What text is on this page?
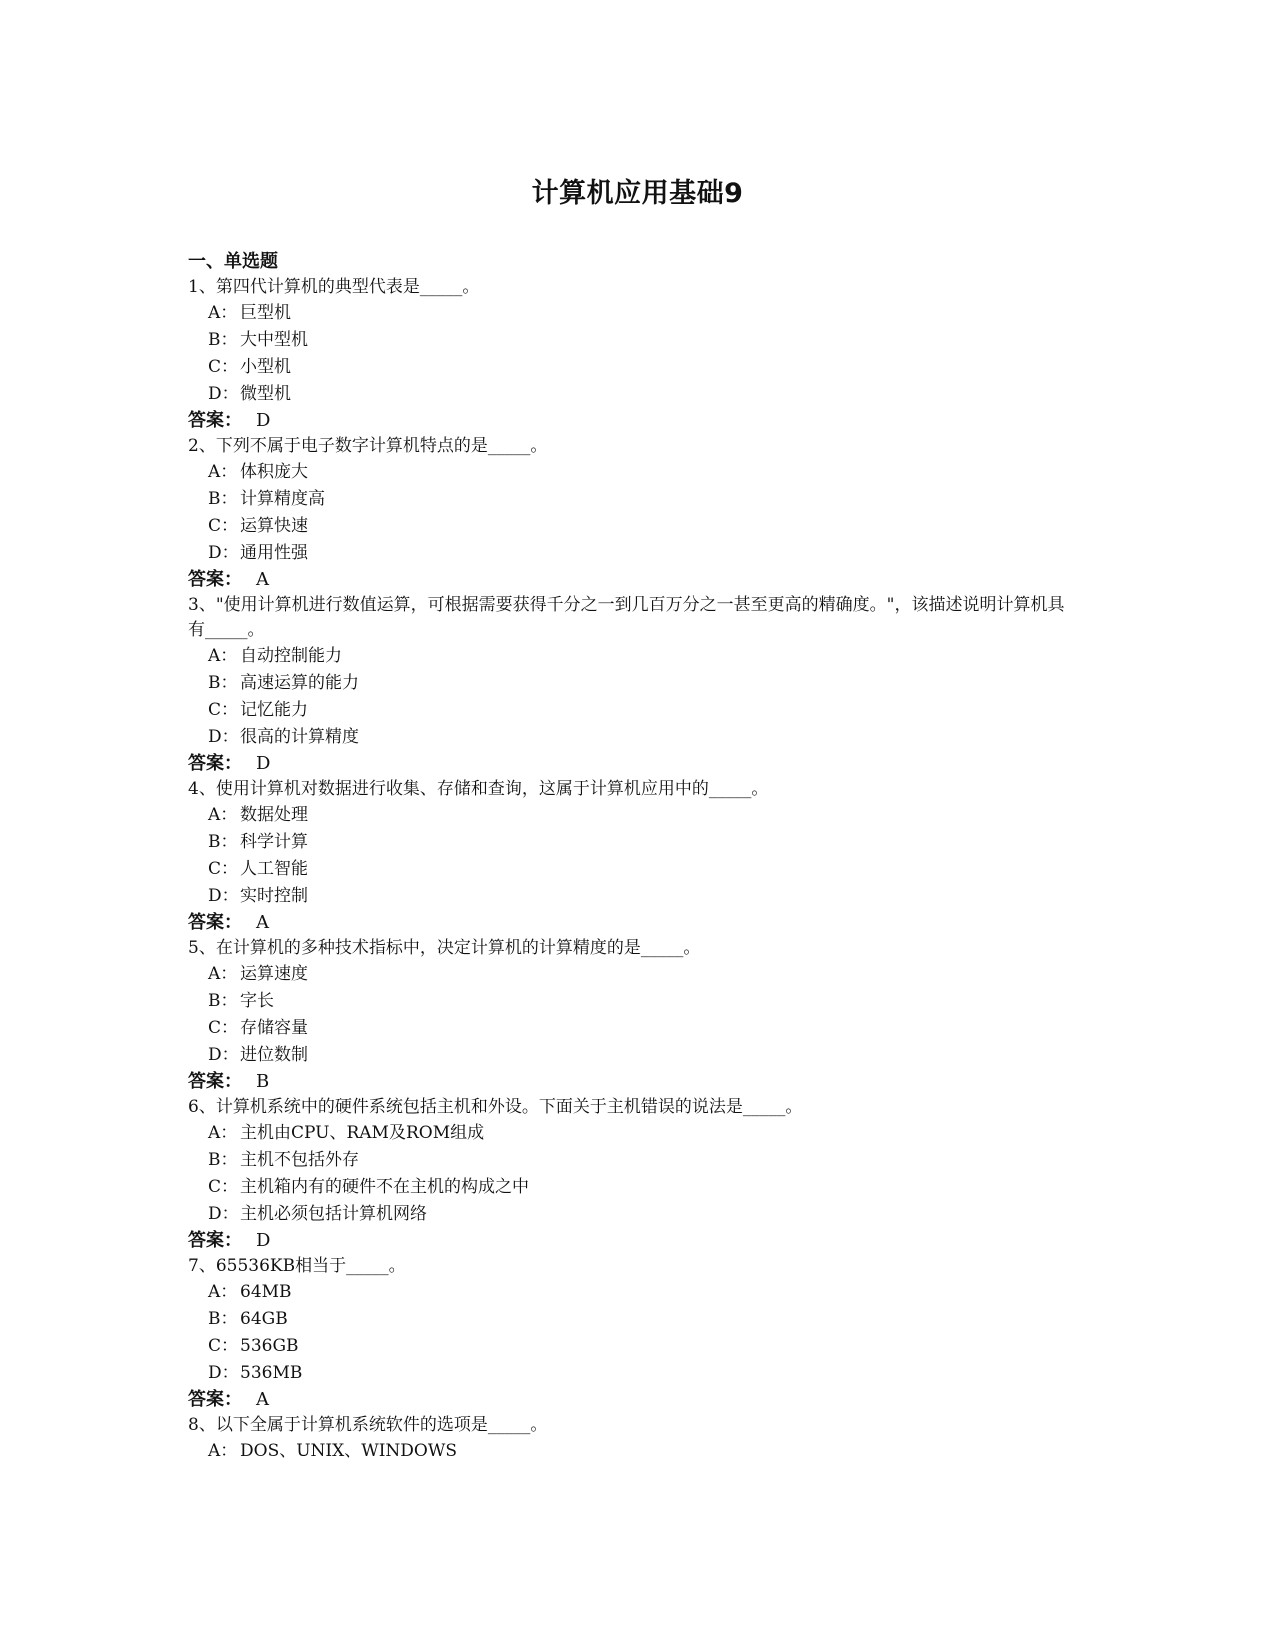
计算机应用基础9
一、单选题
1、第四代计算机的典型代表是_____。
A： 巨型机
B： 大中型机
C： 小型机
D：微型机
答案： D
2、下列不属于电子数字计算机特点的是_____。
A： 体积庞大
B： 计算精度高
C： 运算快速
D：通用性强
答案： A
3、"使用计算机进行数值运算，可根据需要获得千分之一到几百万分之一甚至更高的精确度。"，该描述说明计算机具有_____。
A： 自动控制能力
B： 高速运算的能力
C： 记忆能力
D：很高的计算精度
答案： D
4、使用计算机对数据进行收集、存储和查询，这属于计算机应用中的_____。
A： 数据处理
B： 科学计算
C： 人工智能
D：实时控制
答案： A
5、在计算机的多种技术指标中，决定计算机的计算精度的是_____。
A： 运算速度
B： 字长
C： 存储容量
D：进位数制
答案： B
6、计算机系统中的硬件系统包括主机和外设。下面关于主机错误的说法是_____。
A： 主机由CPU、RAM及ROM组成
B： 主机不包括外存
C： 主机箱内有的硬件不在主机的构成之中
D：主机必须包括计算机网络
答案： D
7、65536KB相当于_____。
A： 64MB
B： 64GB
C： 536GB
D：536MB
答案： A
8、以下全属于计算机系统软件的选项是_____。
A： DOS、UNIX、WINDOWS
